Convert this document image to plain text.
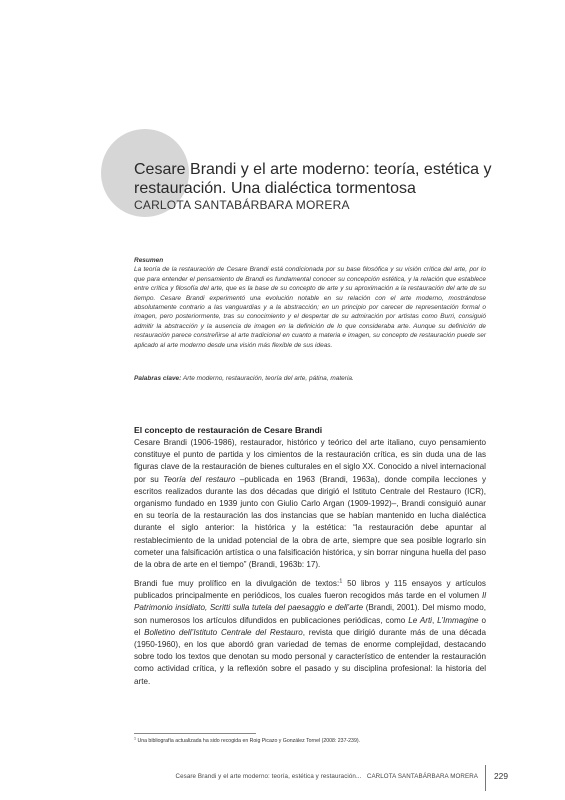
Cesare Brandi y el arte moderno: teoría, estética y restauración. Una dialéctica tormentosa
CARLOTA SANTABÁRBARA MORERA
Resumen
La teoría de la restauración de Cesare Brandi está condicionada por su base filosófica y su visión crítica del arte, por lo que para entender el pensamiento de Brandi es fundamental conocer su concepción estética, y la relación que establece entre crítica y filosofía del arte, que es la base de su concepto de arte y su aproximación a la restauración del arte de su tiempo. Cesare Brandi experimentó una evolución notable en su relación con el arte moderno, mostrándose absolutamente contrario a las vanguardias y a la abstracción; en un principio por carecer de representación formal o imagen, pero posteriormente, tras su conocimiento y el despertar de su admiración por artistas como Burri, consiguió admitir la abstracción y la ausencia de imagen en la definición de lo que consideraba arte. Aunque su definición de restauración parece constreñirse al arte tradicional en cuanto a materia e imagen, su concepto de restauración puede ser aplicado al arte moderno desde una visión más flexible de sus ideas.
Palabras clave: Arte moderno, restauración, teoría del arte, pátina, materia.
El concepto de restauración de Cesare Brandi
Cesare Brandi (1906-1986), restaurador, histórico y teórico del arte italiano, cuyo pensamiento constituye el punto de partida y los cimientos de la restauración crítica, es sin duda una de las figuras clave de la restauración de bienes culturales en el siglo XX. Conocido a nivel internacional por su Teoría del restauro –publicada en 1963 (Brandi, 1963a), donde compila lecciones y escritos realizados durante las dos décadas que dirigió el Istituto Centrale del Restauro (ICR), organismo fundado en 1939 junto con Giulio Carlo Argan (1909-1992)–, Brandi consiguió aunar en su teoría de la restauración las dos instancias que se habían mantenido en lucha dialéctica durante el siglo anterior: la histórica y la estética: “la restauración debe apuntar al restablecimiento de la unidad potencial de la obra de arte, siempre que sea posible lograrlo sin cometer una falsificación artística o una falsificación histórica, y sin borrar ninguna huella del paso de la obra de arte en el tiempo” (Brandi, 1963b: 17).
Brandi fue muy prolífico en la divulgación de textos:$^1$ 50 libros y 115 ensayos y artículos publicados principalmente en periódicos, los cuales fueron recogidos más tarde en el volumen Il Patrimonio insidiato, Scritti sulla tutela del paesaggio e dell’arte (Brandi, 2001). Del mismo modo, son numerosos los artículos difundidos en publicaciones periódicas, como Le Arti, L’Immagine o el Bolletino dell’Istituto Centrale del Restauro, revista que dirigió durante más de una década (1950-1960), en los que abordó gran variedad de temas de enorme complejidad, destacando sobre todo los textos que denotan su modo personal y característico de entender la restauración como actividad crítica, y la reflexión sobre el pasado y su disciplina profesional: la historia del arte.
$^1$ Una bibliografía actualizada ha sido recogida en Roig Picazo y González Tornel (2008: 237-239).
Cesare Brandi y el arte moderno: teoría, estética y restauración... CARLOTA SANTABÁRBARA MORERA 229
